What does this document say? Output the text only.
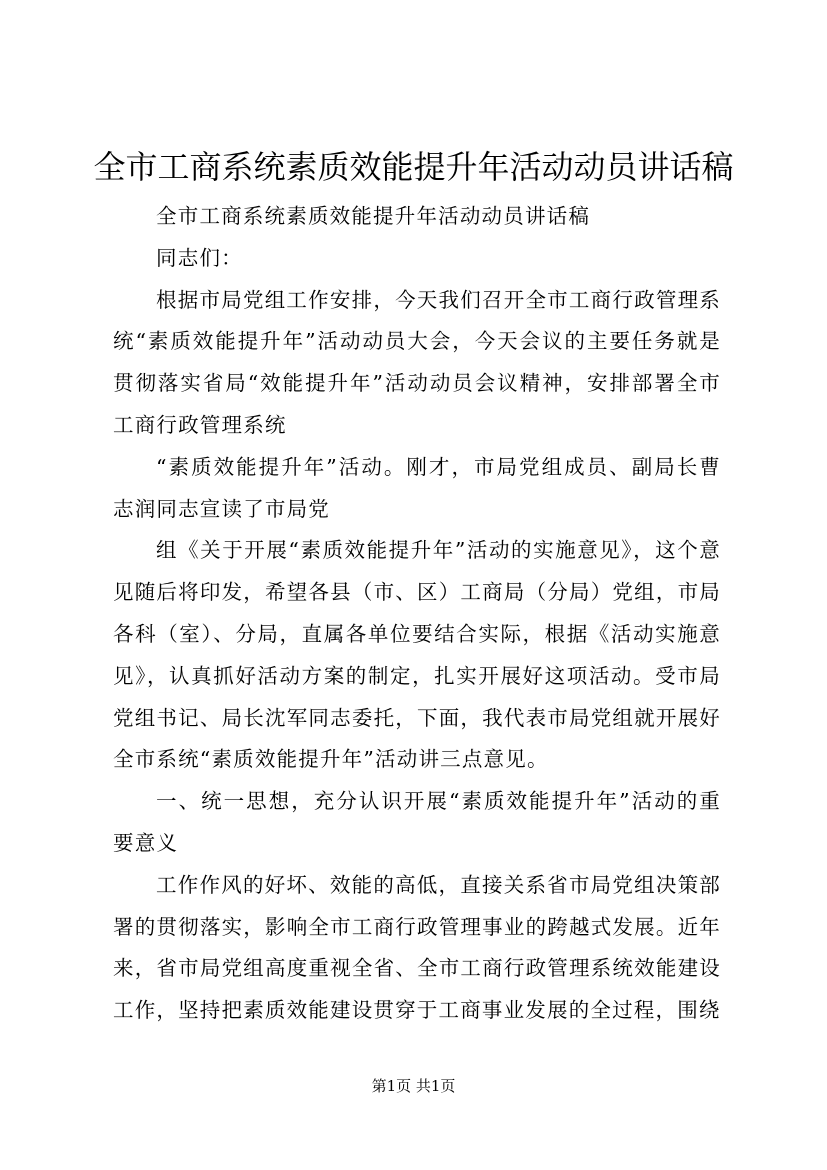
全市工商系统素质效能提升年活动动员讲话稿

全市工商系统素质效能提升年活动动员讲话稿

同志们：

根据市局党组工作安排，今天我们召开全市工商行政管理系统“素质效能提升年”活动动员大会，今天会议的主要任务就是贯彻落实省局“效能提升年”活动动员会议精神，安排部署全市工商行政管理系统

“素质效能提升年”活动。刚才，市局党组成员、副局长曹志润同志宣读了市局党

组《关于开展“素质效能提升年”活动的实施意见》，这个意见随后将印发，希望各县（市、区）工商局（分局）党组，市局各科（室）、分局，直属各单位要结合实际，根据《活动实施意见》，认真抓好活动方案的制定，扎实开展好这项活动。受市局党组书记、局长沈军同志委托，下面，我代表市局党组就开展好全市系统“素质效能提升年”活动讲三点意见。

一、统一思想，充分认识开展“素质效能提升年”活动的重要意义

工作作风的好坏、效能的高低，直接关系省市局党组决策部署的贯彻落实，影响全市工商行政管理事业的跨越式发展。近年来，省市局党组高度重视全省、全市工商行政管理系统效能建设工作，坚持把素质效能建设贯穿于工商事业发展的全过程，围绕

第1页 共1页
